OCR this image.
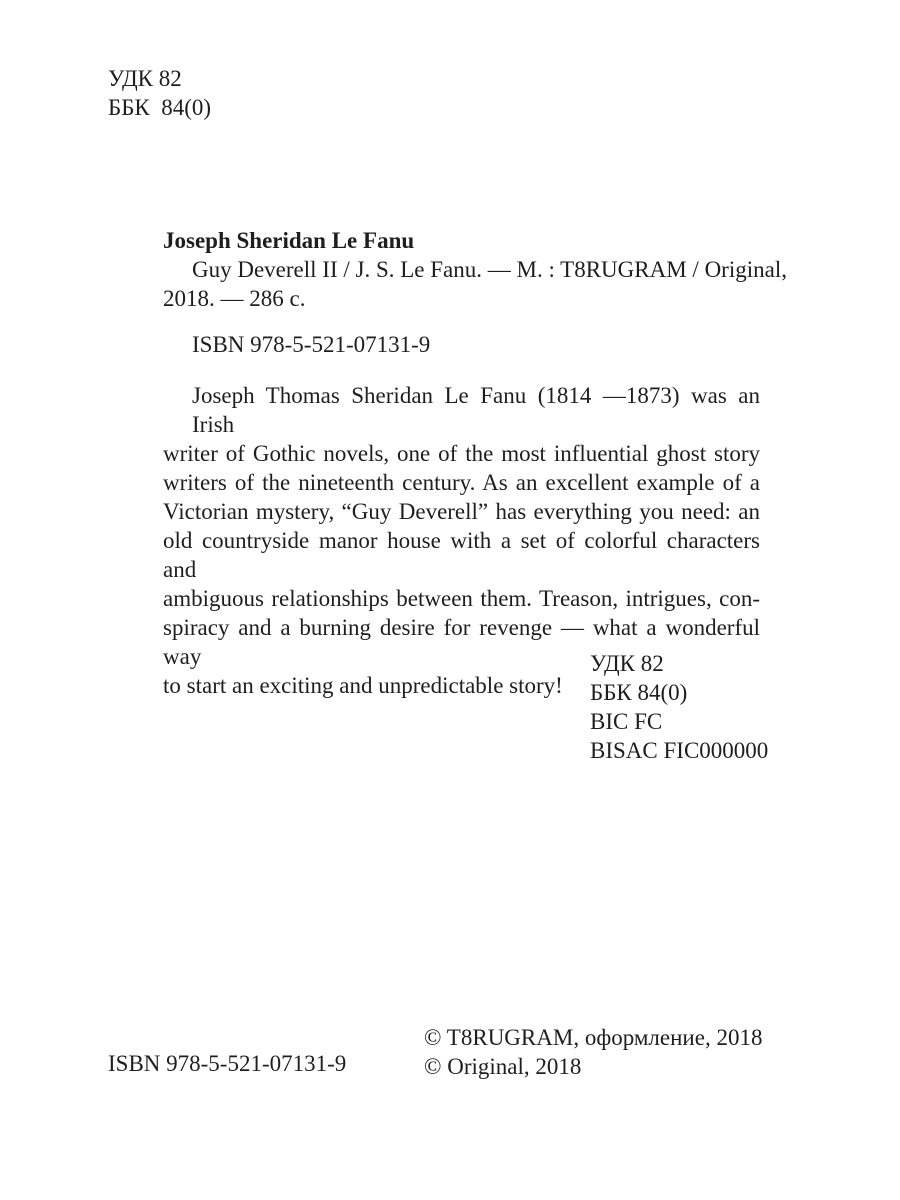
УДК 82
ББК  84(0)
Joseph Sheridan Le Fanu
Guy Deverell II / J. S. Le Fanu. — M. : T8RUGRAM / Original,
2018. — 286 с.
ISBN 978-5-521-07131-9
Joseph Thomas Sheridan Le Fanu (1814 —1873) was an Irish
writer of Gothic novels, one of the most influential ghost story
writers of the nineteenth century. As an excellent example of a
Victorian mystery, “Guy Deverell” has everything you need: an
old countryside manor house with a set of colorful characters and
ambiguous relationships between them. Treason, intrigues, con-
spiracy and a burning desire for revenge — what a wonderful way
to start an exciting and unpredictable story!
УДК 82
ББК 84(0)
BIC FC
BISAC FIC000000
ISBN 978-5-521-07131-9
© T8RUGRAM, оформление, 2018
© Original, 2018
